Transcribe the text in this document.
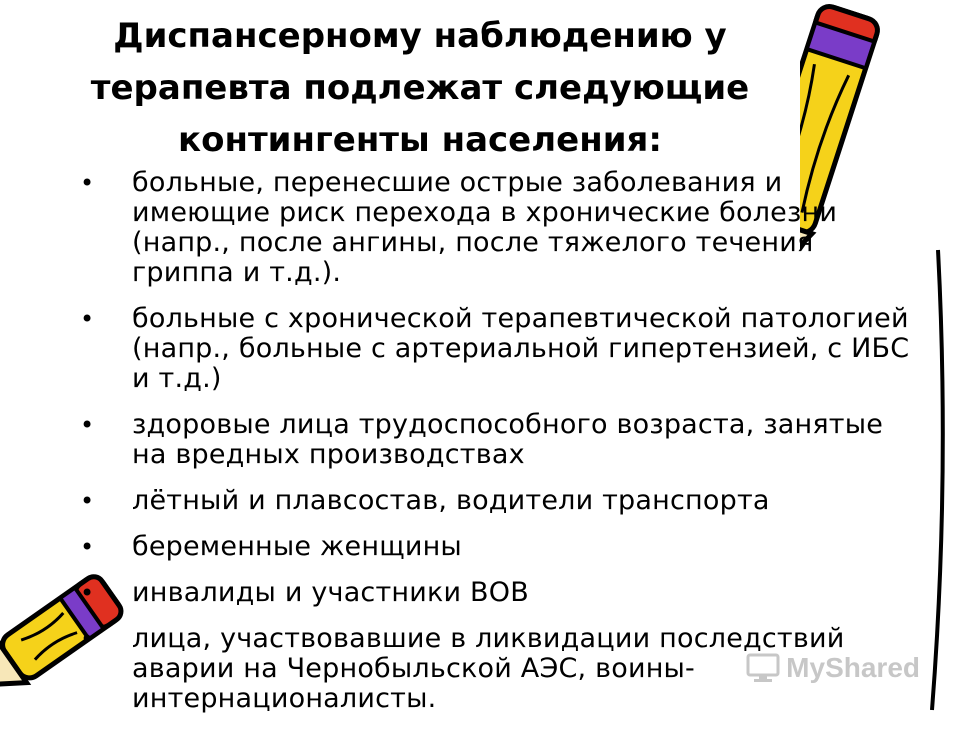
Диспансерному наблюдению у терапевта подлежат следующие контингенты населения:
• больные, перенесшие острые заболевания и имеющие риск перехода в хронические болезни (напр., после ангины, после тяжелого течения гриппа и т.д.).
• больные с хронической терапевтической патологией (напр., больные с артериальной гипертензией, с ИБС и т.д.)
• здоровые лица трудоспособного возраста, занятые на вредных производствах
• лётный и плавсостав, водители транспорта
• беременные женщины
• инвалиды и участники ВОВ
• лица, участвовавшие в ликвидации последствий аварии на Чернобыльской АЭС, воины-интернационалисты.
MyShared
